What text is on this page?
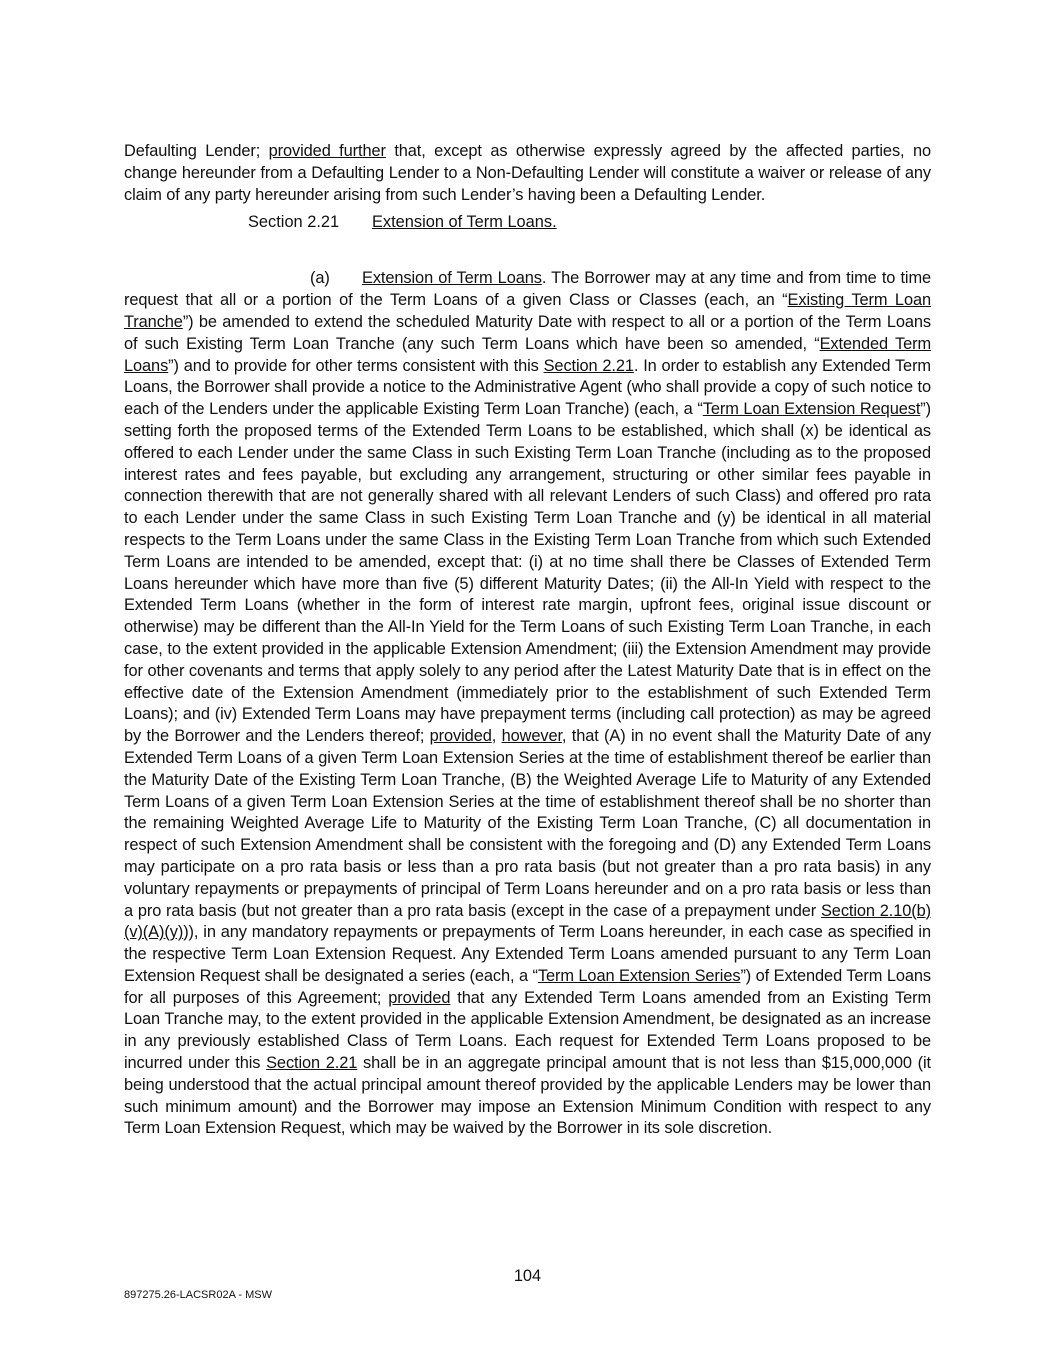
Defaulting Lender; provided further that, except as otherwise expressly agreed by the affected parties, no change hereunder from a Defaulting Lender to a Non-Defaulting Lender will constitute a waiver or release of any claim of any party hereunder arising from such Lender’s having been a Defaulting Lender.

Section 2.21 Extension of Term Loans.

(a) Extension of Term Loans. The Borrower may at any time and from time to time request that all or a portion of the Term Loans of a given Class or Classes (each, an “Existing Term Loan Tranche”) be amended to extend the scheduled Maturity Date with respect to all or a portion of the Term Loans of such Existing Term Loan Tranche (any such Term Loans which have been so amended, “Extended Term Loans”) and to provide for other terms consistent with this Section 2.21. In order to establish any Extended Term Loans, the Borrower shall provide a notice to the Administrative Agent (who shall provide a copy of such notice to each of the Lenders under the applicable Existing Term Loan Tranche) (each, a “Term Loan Extension Request”) setting forth the proposed terms of the Extended Term Loans to be established, which shall (x) be identical as offered to each Lender under the same Class in such Existing Term Loan Tranche (including as to the proposed interest rates and fees payable, but excluding any arrangement, structuring or other similar fees payable in connection therewith that are not generally shared with all relevant Lenders of such Class) and offered pro rata to each Lender under the same Class in such Existing Term Loan Tranche and (y) be identical in all material respects to the Term Loans under the same Class in the Existing Term Loan Tranche from which such Extended Term Loans are intended to be amended, except that: (i) at no time shall there be Classes of Extended Term Loans hereunder which have more than five (5) different Maturity Dates; (ii) the All-In Yield with respect to the Extended Term Loans (whether in the form of interest rate margin, upfront fees, original issue discount or otherwise) may be different than the All-In Yield for the Term Loans of such Existing Term Loan Tranche, in each case, to the extent provided in the applicable Extension Amendment; (iii) the Extension Amendment may provide for other covenants and terms that apply solely to any period after the Latest Maturity Date that is in effect on the effective date of the Extension Amendment (immediately prior to the establishment of such Extended Term Loans); and (iv) Extended Term Loans may have prepayment terms (including call protection) as may be agreed by the Borrower and the Lenders thereof; provided, however, that (A) in no event shall the Maturity Date of any Extended Term Loans of a given Term Loan Extension Series at the time of establishment thereof be earlier than the Maturity Date of the Existing Term Loan Tranche, (B) the Weighted Average Life to Maturity of any Extended Term Loans of a given Term Loan Extension Series at the time of establishment thereof shall be no shorter than the remaining Weighted Average Life to Maturity of the Existing Term Loan Tranche, (C) all documentation in respect of such Extension Amendment shall be consistent with the foregoing and (D) any Extended Term Loans may participate on a pro rata basis or less than a pro rata basis (but not greater than a pro rata basis) in any voluntary repayments or prepayments of principal of Term Loans hereunder and on a pro rata basis or less than a pro rata basis (but not greater than a pro rata basis (except in the case of a prepayment under Section 2.10(b)(v)(A)(y))), in any mandatory repayments or prepayments of Term Loans hereunder, in each case as specified in the respective Term Loan Extension Request. Any Extended Term Loans amended pursuant to any Term Loan Extension Request shall be designated a series (each, a “Term Loan Extension Series”) of Extended Term Loans for all purposes of this Agreement; provided that any Extended Term Loans amended from an Existing Term Loan Tranche may, to the extent provided in the applicable Extension Amendment, be designated as an increase in any previously established Class of Term Loans. Each request for Extended Term Loans proposed to be incurred under this Section 2.21 shall be in an aggregate principal amount that is not less than $15,000,000 (it being understood that the actual principal amount thereof provided by the applicable Lenders may be lower than such minimum amount) and the Borrower may impose an Extension Minimum Condition with respect to any Term Loan Extension Request, which may be waived by the Borrower in its sole discretion.

104
897275.26-LACSR02A - MSW
